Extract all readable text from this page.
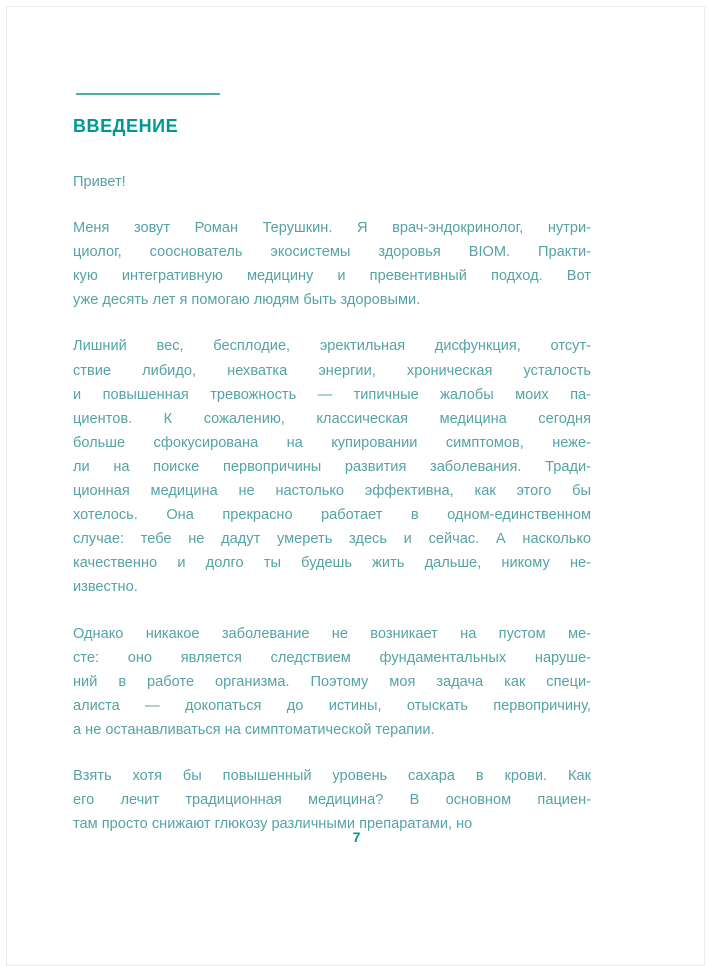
ВВЕДЕНИЕ

Привет!

Меня зовут Роман Терушкин. Я врач-эндокринолог, нутри-
циолог, сооснователь экосистемы здоровья BIOM. Практи-
кую интегративную медицину и превентивный подход. Вот
уже десять лет я помогаю людям быть здоровыми.

Лишний вес, бесплодие, эректильная дисфункция, отсут-
ствие либидо, нехватка энергии, хроническая усталость
и повышенная тревожность — типичные жалобы моих па-
циентов. К сожалению, классическая медицина сегодня
больше сфокусирована на купировании симптомов, неже-
ли на поиске первопричины развития заболевания. Тради-
ционная медицина не настолько эффективна, как этого бы
хотелось. Она прекрасно работает в одном-единственном
случае: тебе не дадут умереть здесь и сейчас. А насколько
качественно и долго ты будешь жить дальше, никому не-
известно.

Однако никакое заболевание не возникает на пустом ме-
сте: оно является следствием фундаментальных наруше-
ний в работе организма. Поэтому моя задача как специ-
алиста — докопаться до истины, отыскать первопричину,
а не останавливаться на симптоматической терапии.

Взять хотя бы повышенный уровень сахара в крови. Как
его лечит традиционная медицина? В основном пациен-
там просто снижают глюкозу различными препаратами, но

7
